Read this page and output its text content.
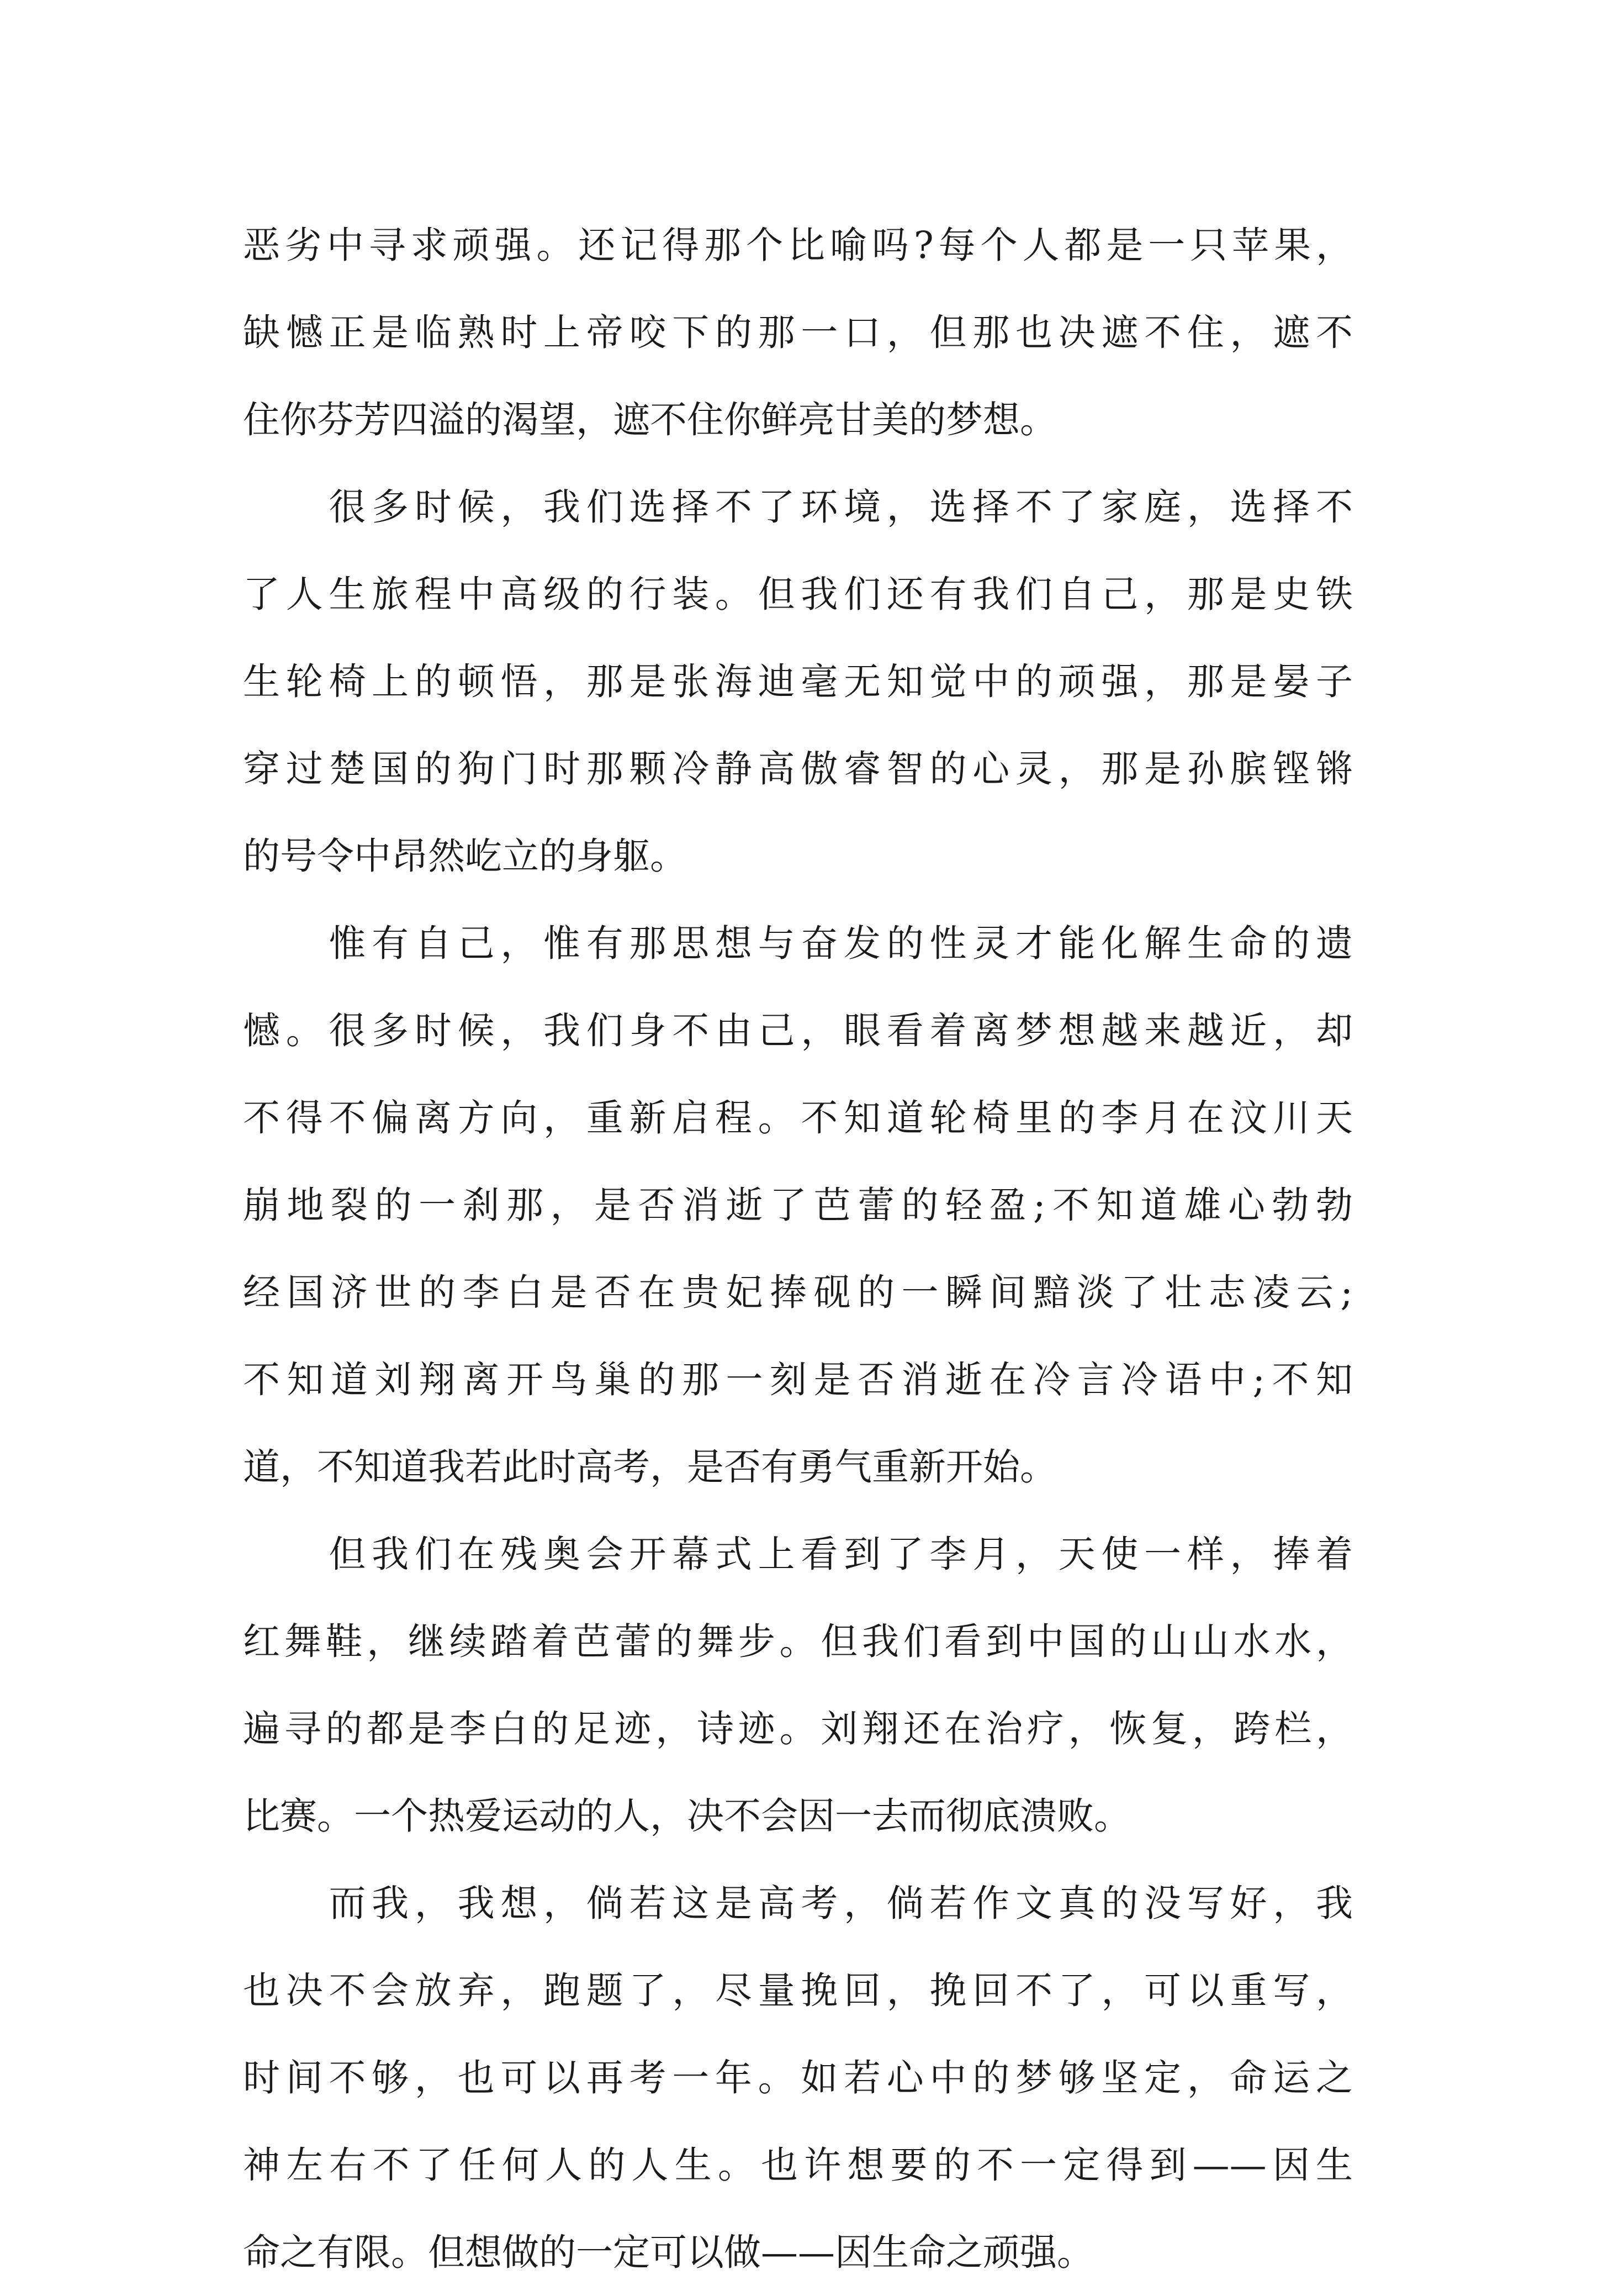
恶劣中寻求顽强。还记得那个比喻吗?每个人都是一只苹果，
缺憾正是临熟时上帝咬下的那一口，但那也决遮不住，遮不
住你芬芳四溢的渴望，遮不住你鲜亮甘美的梦想。
　　很多时候，我们选择不了环境，选择不了家庭，选择不
了人生旅程中高级的行装。但我们还有我们自己，那是史铁
生轮椅上的顿悟，那是张海迪毫无知觉中的顽强，那是晏子
穿过楚国的狗门时那颗冷静高傲睿智的心灵，那是孙膑铿锵
的号令中昂然屹立的身躯。
　　惟有自己，惟有那思想与奋发的性灵才能化解生命的遗
憾。很多时候，我们身不由己，眼看着离梦想越来越近，却
不得不偏离方向，重新启程。不知道轮椅里的李月在汶川天
崩地裂的一刹那，是否消逝了芭蕾的轻盈;不知道雄心勃勃
经国济世的李白是否在贵妃捧砚的一瞬间黯淡了壮志凌云;
不知道刘翔离开鸟巢的那一刻是否消逝在冷言冷语中;不知
道，不知道我若此时高考，是否有勇气重新开始。
　　但我们在残奥会开幕式上看到了李月，天使一样，捧着
红舞鞋，继续踏着芭蕾的舞步。但我们看到中国的山山水水，
遍寻的都是李白的足迹，诗迹。刘翔还在治疗，恢复，跨栏，
比赛。一个热爱运动的人，决不会因一去而彻底溃败。
　　而我，我想，倘若这是高考，倘若作文真的没写好，我
也决不会放弃，跑题了，尽量挽回，挽回不了，可以重写，
时间不够，也可以再考一年。如若心中的梦够坚定，命运之
神左右不了任何人的人生。也许想要的不一定得到——因生
命之有限。但想做的一定可以做——因生命之顽强。
